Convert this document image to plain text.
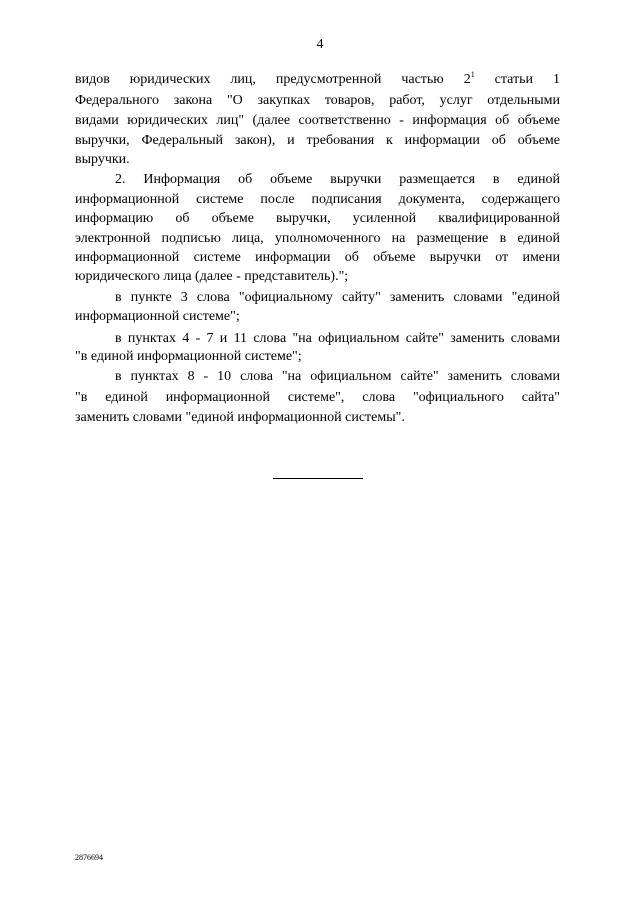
4
видов юридических лиц, предусмотренной частью $2^1$ статьи 1
Федерального закона "О закупках товаров, работ, услуг отдельными
видами юридических лиц" (далее соответственно - информация об объеме
выручки, Федеральный закон), и требования к информации об объеме
выручки.
2. Информация об объеме выручки размещается в единой
информационной системе после подписания документа, содержащего
информацию об объеме выручки, усиленной квалифицированной
электронной подписью лица, уполномоченного на размещение в единой
информационной системе информации об объеме выручки от имени
юридического лица (далее - представитель).";
в пункте 3 слова "официальному сайту" заменить словами "единой
информационной системе";
в пунктах 4 - 7 и 11 слова "на официальном сайте" заменить словами
"в единой информационной системе";
в пунктах 8 - 10 слова "на официальном сайте" заменить словами
"в единой информационной системе", слова "официального сайта"
заменить словами "единой информационной системы".
2876694
